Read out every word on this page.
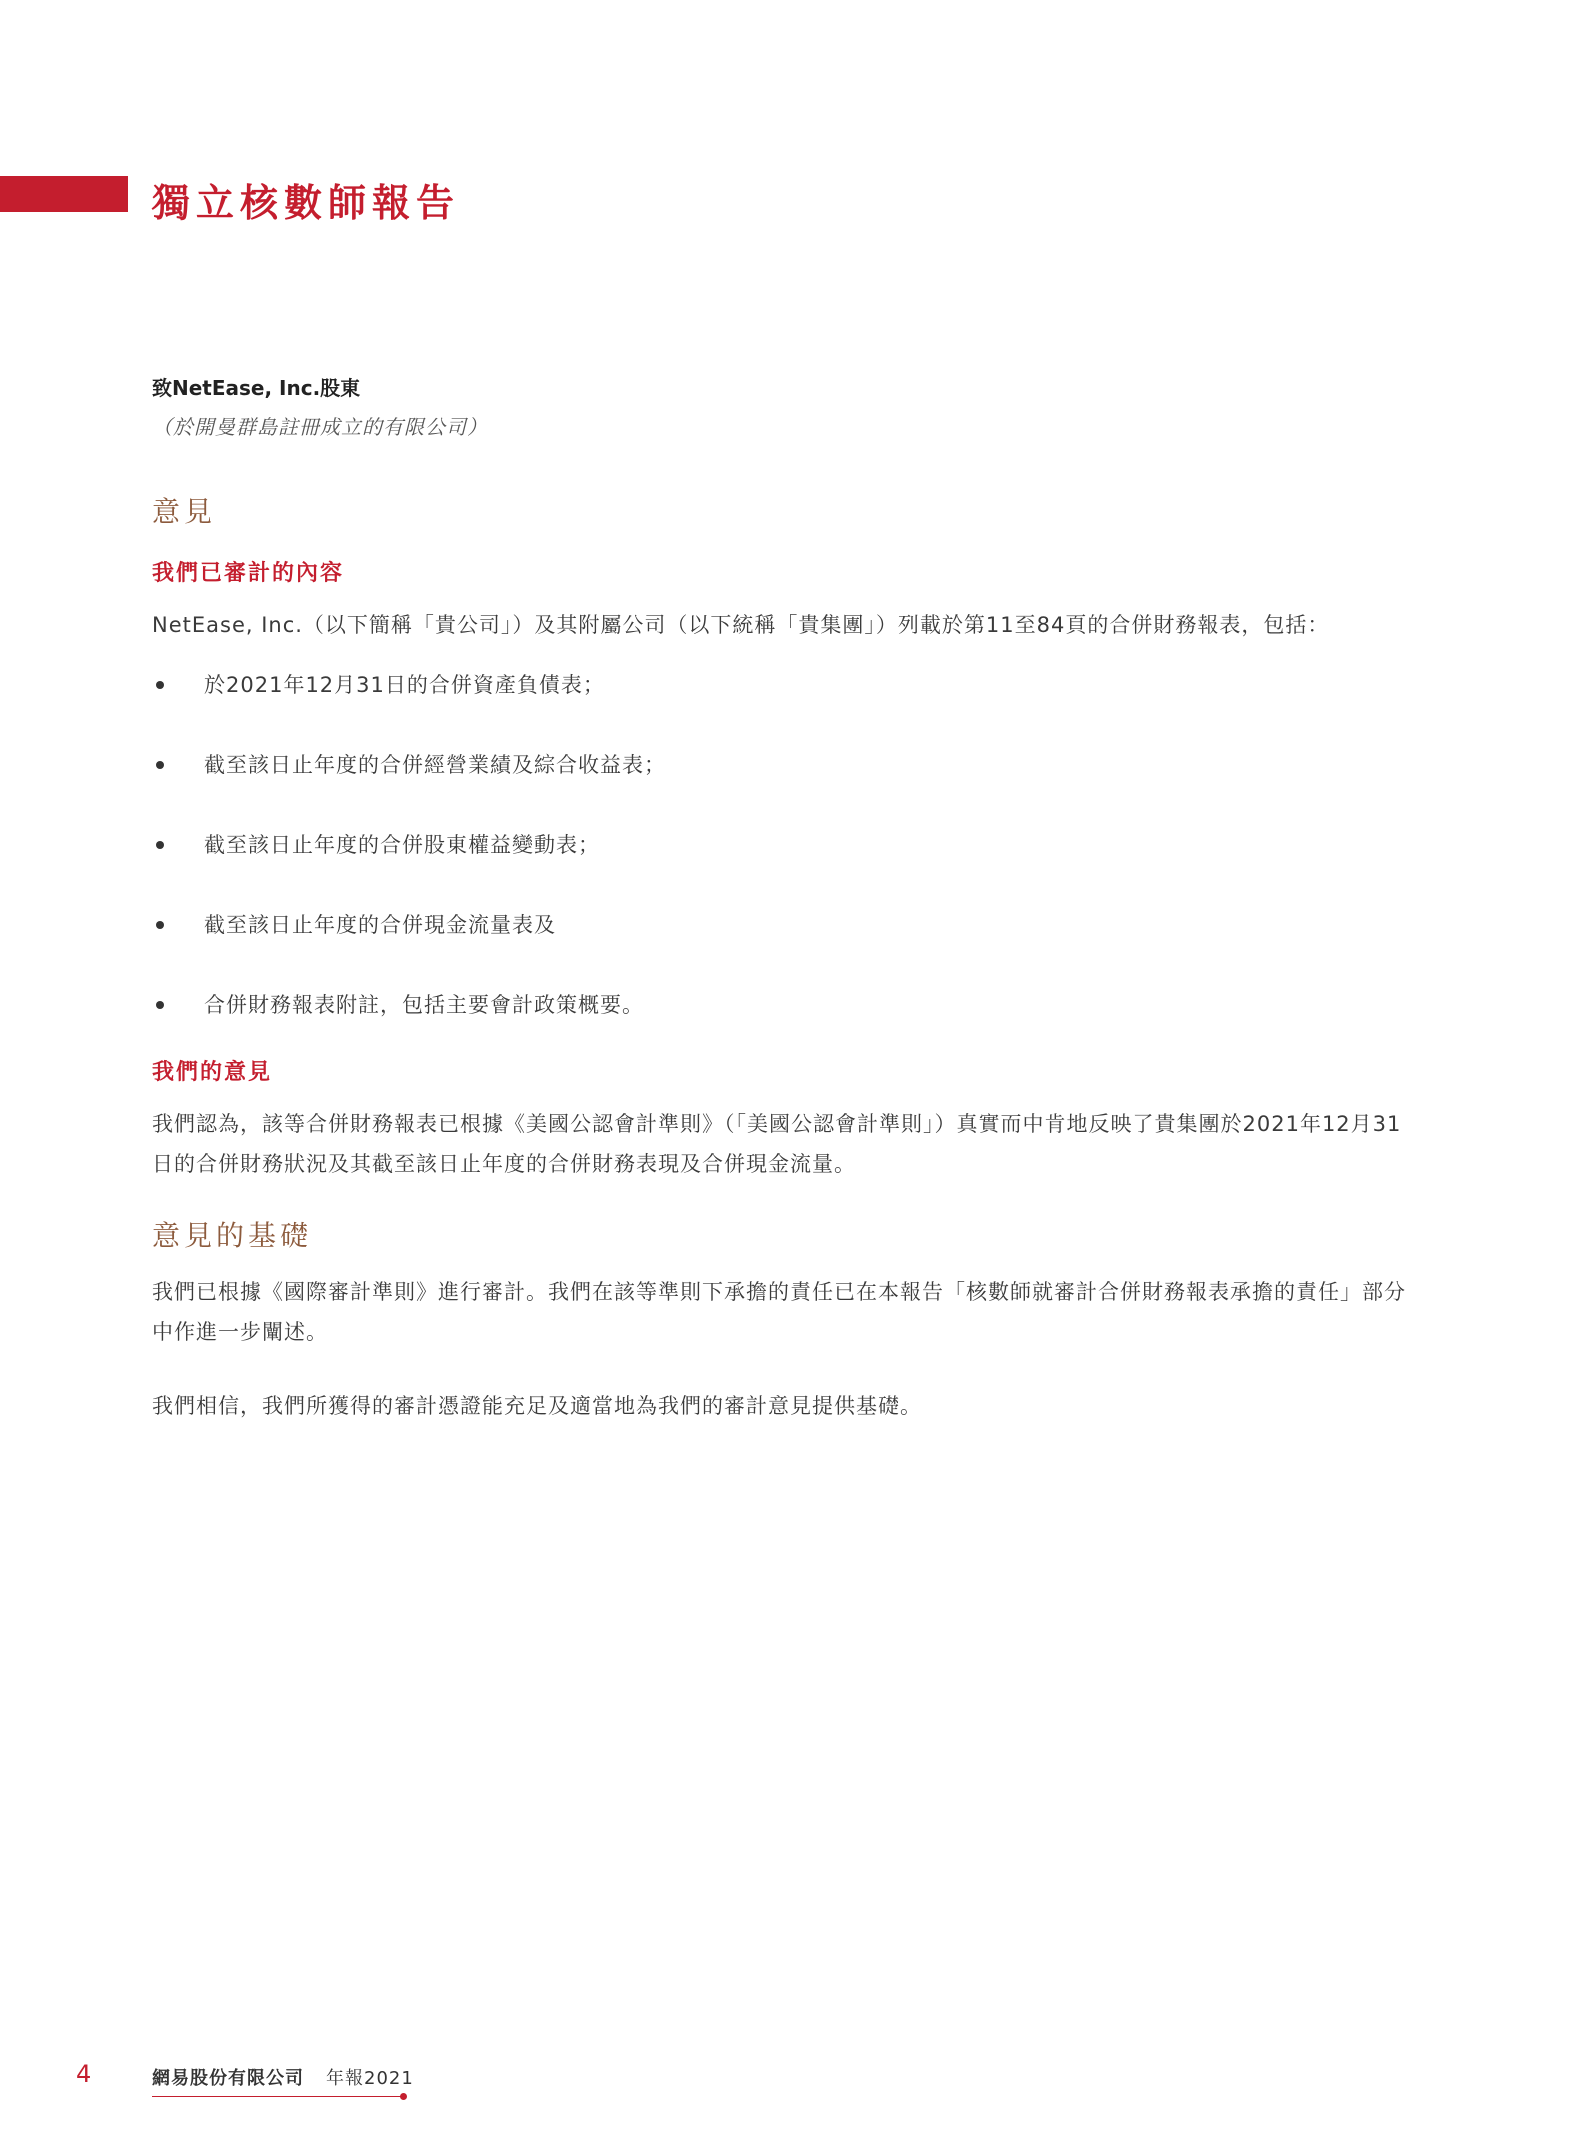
獨立核數師報告

致NetEase, Inc.股東

（於開曼群島註冊成立的有限公司）

意見
我們已審計的內容

NetEase, Inc.（以下簡稱「貴公司」）及其附屬公司（以下統稱「貴集團」）列載於第11至84頁的合併財務報表，包括：

於2021年12月31日的合併資產負債表；
截至該日止年度的合併經營業績及綜合收益表；
截至該日止年度的合併股東權益變動表；
截至該日止年度的合併現金流量表及
合併財務報表附註，包括主要會計政策概要。
我們的意見

我們認為，該等合併財務報表已根據《美國公認會計準則》（「美國公認會計準則」）真實而中肯地反映了貴集團於2021年12月31日的合併財務狀況及其截至該日止年度的合併財務表現及合併現金流量。

意見的基礎

我們已根據《國際審計準則》進行審計。我們在該等準則下承擔的責任已在本報告「核數師就審計合併財務報表承擔的責任」部分中作進一步闡述。

我們相信，我們所獲得的審計憑證能充足及適當地為我們的審計意見提供基礎。

4	網易股份有限公司 年報2021
